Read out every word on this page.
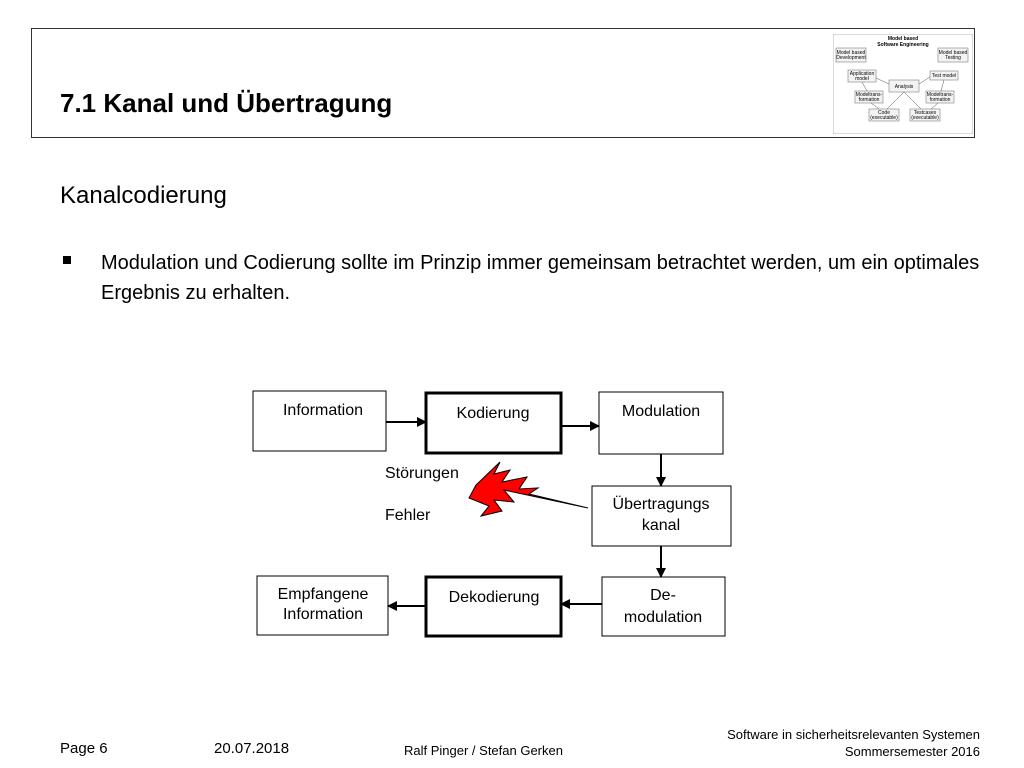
7.1 Kanal und Übertragung
Model based
Software Engineering
Model based
Development
Model based
Testing
Application
model	Test model
Analysis
Modeltrans-
formation
Modeltrans-
formation
Code
(executable)
Testcases
(executable)
Kanalcodierung
Modulation und Codierung sollte im Prinzip immer gemeinsam betrachtet werden, um ein optimales Ergebnis zu erhalten.
Information	Kodierung	Modulation
Übertragungs
kanal
Empfangene
Information
Dekodierung	De-
modulation
Störungen
Fehler
Page 6	20.07.2018	Ralf Pinger / Stefan Gerken
Software in sicherheitsrelevanten Systemen
Sommersemester 2016
